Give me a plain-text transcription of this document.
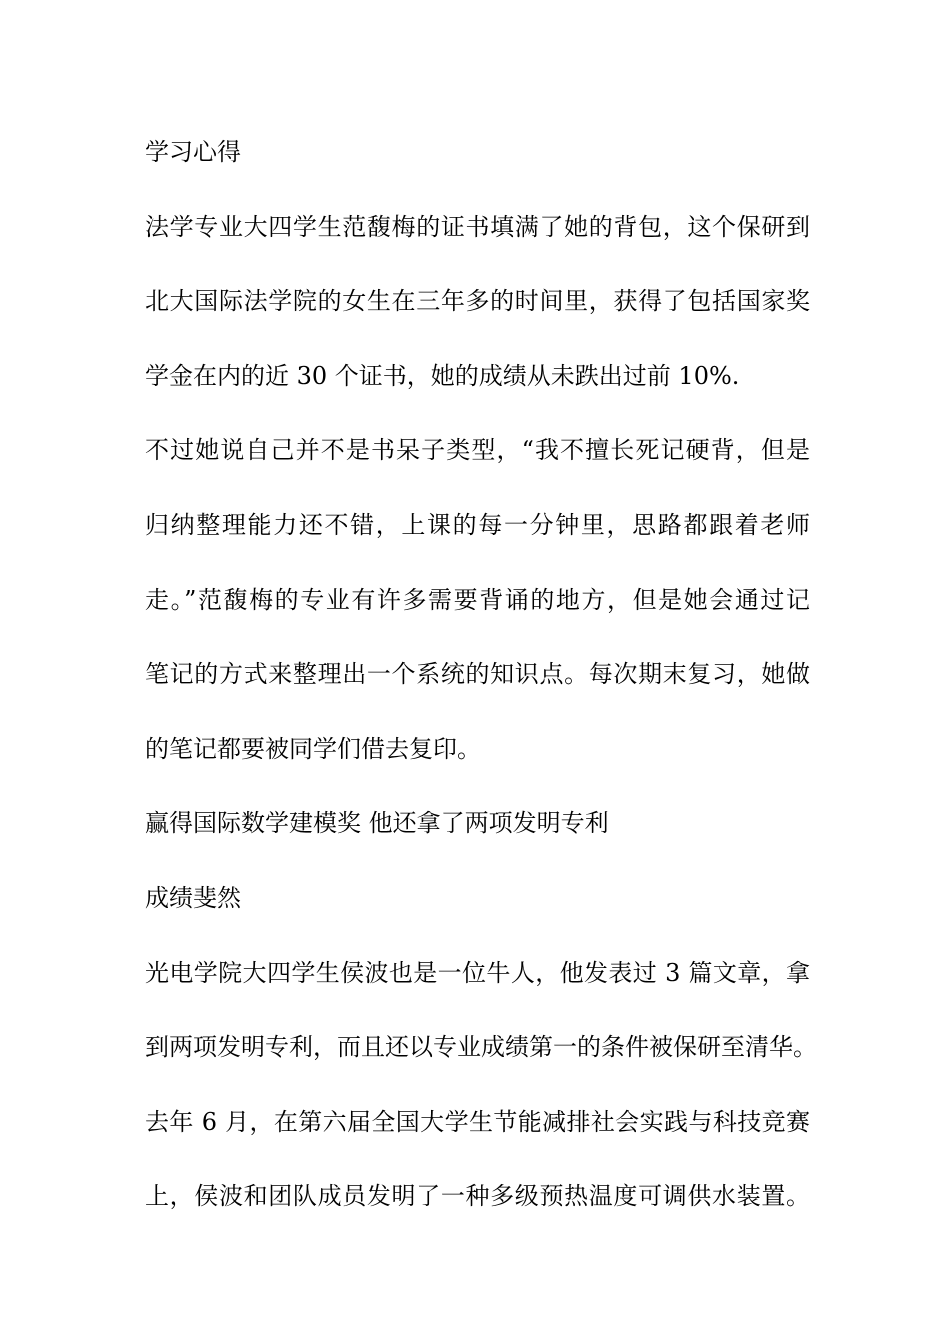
学习心得
法学专业大四学生范馥梅的证书填满了她的背包，这个保研到
北大国际法学院的女生在三年多的时间里，获得了包括国家奖
学金在内的近 30 个证书，她的成绩从未跌出过前 10%.
不过她说自己并不是书呆子类型，“我不擅长死记硬背，但是
归纳整理能力还不错，上课的每一分钟里，思路都跟着老师
走。”范馥梅的专业有许多需要背诵的地方，但是她会通过记
笔记的方式来整理出一个系统的知识点。每次期末复习，她做
的笔记都要被同学们借去复印。
赢得国际数学建模奖 他还拿了两项发明专利
成绩斐然
光电学院大四学生侯波也是一位牛人，他发表过 3 篇文章，拿
到两项发明专利，而且还以专业成绩第一的条件被保研至清华。
去年 6 月，在第六届全国大学生节能减排社会实践与科技竞赛
上，侯波和团队成员发明了一种多级预热温度可调供水装置。
